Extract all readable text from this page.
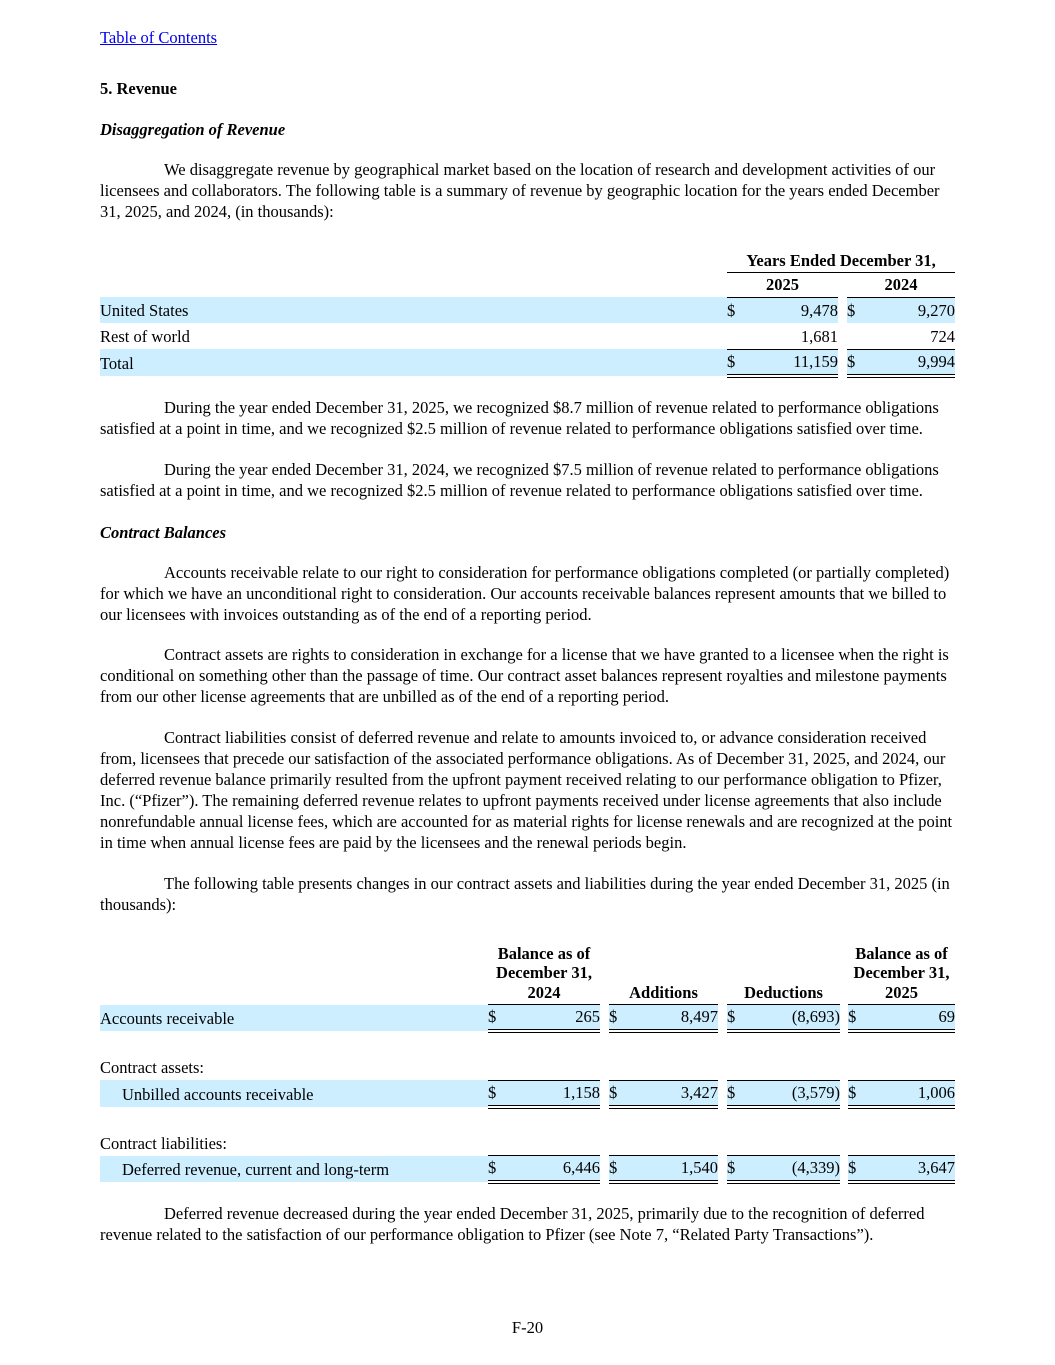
Table of Contents
5. Revenue
Disaggregation of Revenue

We disaggregate revenue by geographical market based on the location of research and development activities of our licensees and collaborators. The following table is a summary of revenue by geographic location for the years ended December 31, 2025, and 2024, (in thousands):

	Years Ended December 31,				
	2025			2024	
United States	$	9,478		$	9,270
Rest of world		1,681			724
Total	$	11,159		$	9,994

During the year ended December 31, 2025, we recognized $8.7 million of revenue related to performance obligations satisfied at a point in time, and we recognized $2.5 million of revenue related to performance obligations satisfied over time.

During the year ended December 31, 2024, we recognized $7.5 million of revenue related to performance obligations satisfied at a point in time, and we recognized $2.5 million of revenue related to performance obligations satisfied over time.

Contract Balances

Accounts receivable relate to our right to consideration for performance obligations completed (or partially completed) for which we have an unconditional right to consideration. Our accounts receivable balances represent amounts that we billed to our licensees with invoices outstanding as of the end of a reporting period.

Contract assets are rights to consideration in exchange for a license that we have granted to a licensee when the right is conditional on something other than the passage of time. Our contract asset balances represent royalties and milestone payments from our other license agreements that are unbilled as of the end of a reporting period.

Contract liabilities consist of deferred revenue and relate to amounts invoiced to, or advance consideration received from, licensees that precede our satisfaction of the associated performance obligations. As of December 31, 2025, and 2024, our deferred revenue balance primarily resulted from the upfront payment received relating to our performance obligation to Pfizer, Inc. (“Pfizer”). The remaining deferred revenue relates to upfront payments received under license agreements that also include nonrefundable annual license fees, which are accounted for as material rights for license renewals and are recognized at the point in time when annual license fees are paid by the licensees and the renewal periods begin.

The following table presents changes in our contract assets and liabilities during the year ended December 31, 2025 (in thousands):

	Balance as of December 31, 2024			Additions			Deductions			Balance as of December 31, 2025	
Accounts receivable	$	265		$	8,497		$	(8,693)		$	69

Contract assets:											
Unbilled accounts receivable	$	1,158		$	3,427		$	(3,579)		$	1,006

Contract liabilities:											
Deferred revenue, current and long-term	$	6,446		$	1,540		$	(4,339)		$	3,647

Deferred revenue decreased during the year ended December 31, 2025, primarily due to the recognition of deferred revenue related to the satisfaction of our performance obligation to Pfizer (see Note 7, “Related Party Transactions”).

F-20
